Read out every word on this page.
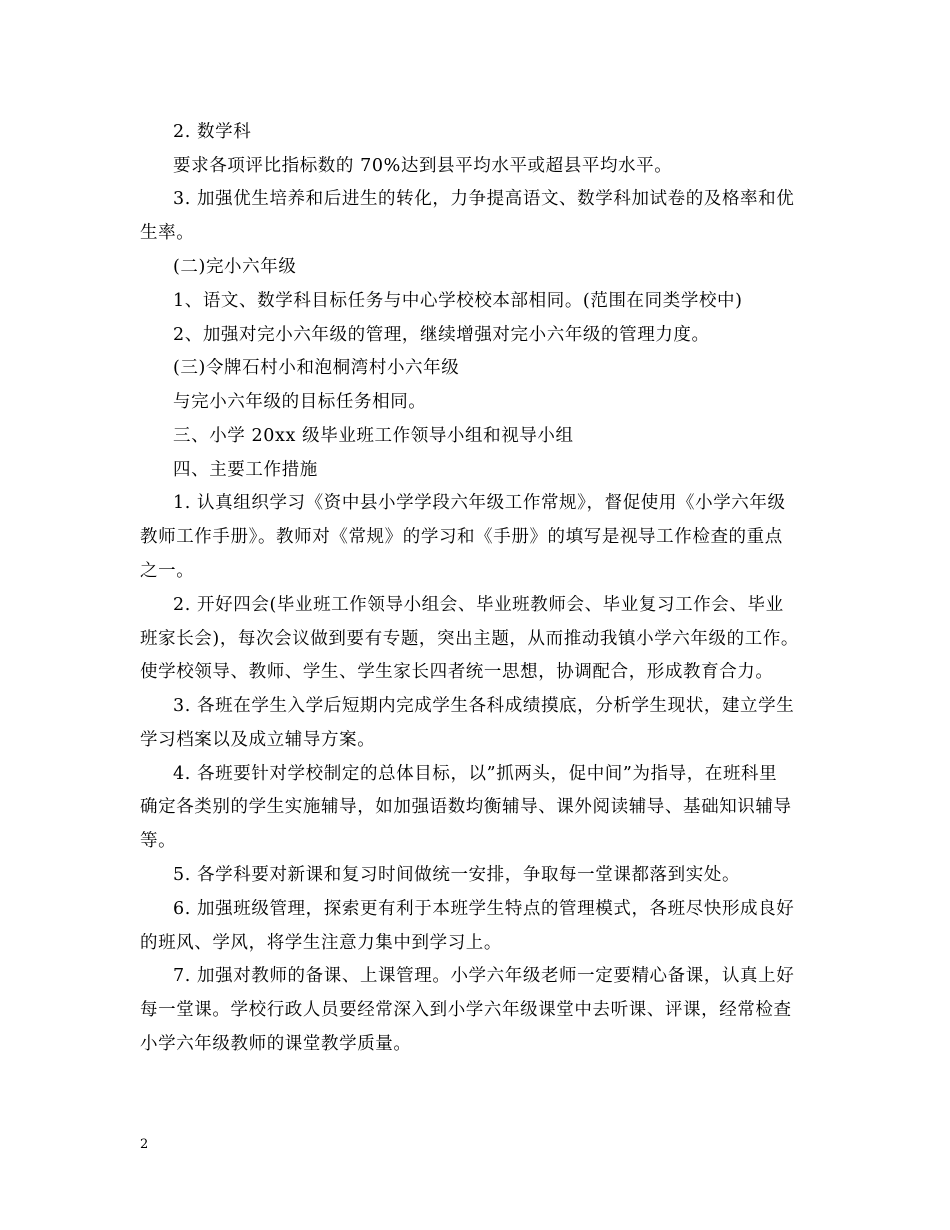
2. 数学科
要求各项评比指标数的 70%达到县平均水平或超县平均水平。
3. 加强优生培养和后进生的转化，力争提高语文、数学科加试卷的及格率和优
生率。
(二)完小六年级
1、语文、数学科目标任务与中心学校校本部相同。(范围在同类学校中)
2、加强对完小六年级的管理，继续增强对完小六年级的管理力度。
(三)令牌石村小和泡桐湾村小六年级
与完小六年级的目标任务相同。
三、小学 20xx 级毕业班工作领导小组和视导小组
四、主要工作措施
1. 认真组织学习《资中县小学学段六年级工作常规》，督促使用《小学六年级
教师工作手册》。教师对《常规》的学习和《手册》的填写是视导工作检查的重点
之一。
2. 开好四会(毕业班工作领导小组会、毕业班教师会、毕业复习工作会、毕业
班家长会)，每次会议做到要有专题，突出主题，从而推动我镇小学六年级的工作。
使学校领导、教师、学生、学生家长四者统一思想，协调配合，形成教育合力。
3. 各班在学生入学后短期内完成学生各科成绩摸底，分析学生现状，建立学生
学习档案以及成立辅导方案。
4. 各班要针对学校制定的总体目标，以”抓两头，促中间”为指导，在班科里
确定各类别的学生实施辅导，如加强语数均衡辅导、课外阅读辅导、基础知识辅导
等。
5. 各学科要对新课和复习时间做统一安排，争取每一堂课都落到实处。
6. 加强班级管理，探索更有利于本班学生特点的管理模式，各班尽快形成良好
的班风、学风，将学生注意力集中到学习上。
7. 加强对教师的备课、上课管理。小学六年级老师一定要精心备课，认真上好
每一堂课。学校行政人员要经常深入到小学六年级课堂中去听课、评课，经常检查
小学六年级教师的课堂教学质量。
2
